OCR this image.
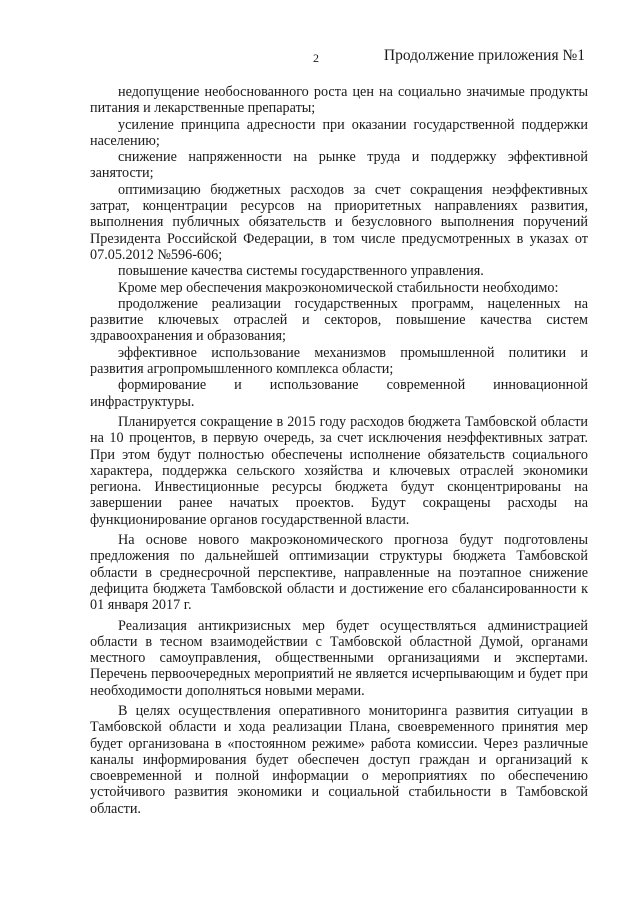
2	Продолжение приложения №1

недопущение необоснованного роста цен на социально значимые продукты питания и лекарственные препараты;

усиление принципа адресности при оказании государственной поддержки населению;

снижение напряженности на рынке труда и поддержку эффективной занятости;

оптимизацию бюджетных расходов за счет сокращения неэффективных затрат, концентрации ресурсов на приоритетных направлениях развития, выполнения публичных обязательств и безусловного выполнения поручений Президента Российской Федерации, в том числе предусмотренных в указах от 07.05.2012 №596-606;

повышение качества системы государственного управления.

Кроме мер обеспечения макроэкономической стабильности необходимо:

продолжение реализации государственных программ, нацеленных на развитие ключевых отраслей и секторов, повышение качества систем здравоохранения и образования;

эффективное использование механизмов промышленной политики и развития агропромышленного комплекса области;

формирование и использование современной инновационной инфраструктуры.

Планируется сокращение в 2015 году расходов бюджета Тамбовской области на 10 процентов, в первую очередь, за счет исключения неэффективных затрат. При этом будут полностью обеспечены исполнение обязательств социального характера, поддержка сельского хозяйства и ключевых отраслей экономики региона. Инвестиционные ресурсы бюджета будут сконцентрированы на завершении ранее начатых проектов. Будут сокращены расходы на функционирование органов государственной власти.

На основе нового макроэкономического прогноза будут подготовлены предложения по дальнейшей оптимизации структуры бюджета Тамбовской области в среднесрочной перспективе, направленные на поэтапное снижение дефицита бюджета Тамбовской области и достижение его сбалансированности к 01 января 2017 г.

Реализация антикризисных мер будет осуществляться администрацией области в тесном взаимодействии с Тамбовской областной Думой, органами местного самоуправления, общественными организациями и экспертами. Перечень первоочередных мероприятий не является исчерпывающим и будет при необходимости дополняться новыми мерами.

В целях осуществления оперативного мониторинга развития ситуации в Тамбовской области и хода реализации Плана, своевременного принятия мер будет организована в «постоянном режиме» работа комиссии. Через различные каналы информирования будет обеспечен доступ граждан и организаций к своевременной и полной информации о мероприятиях по обеспечению устойчивого развития экономики и социальной стабильности в Тамбовской области.
